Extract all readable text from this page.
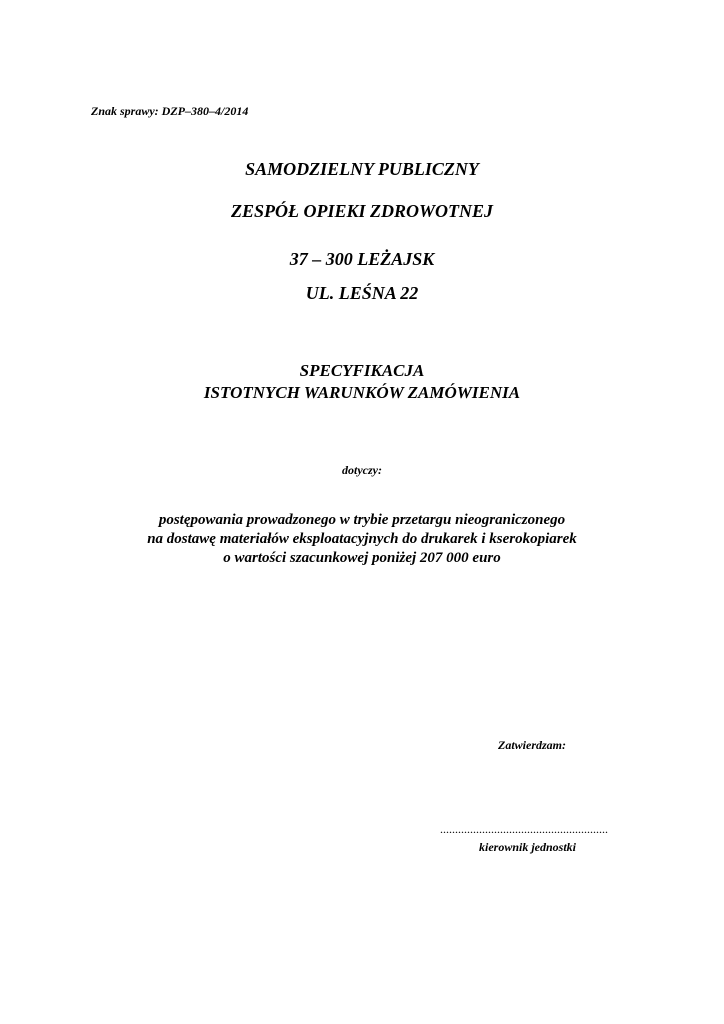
Znak sprawy: DZP–380–4/2014
SAMODZIELNY PUBLICZNY
ZESPÓŁ OPIEKI ZDROWOTNEJ
37 – 300 LEŻAJSK
UL. LEŚNA 22
SPECYFIKACJA
ISTOTNYCH WARUNKÓW ZAMÓWIENIA
dotyczy:
postępowania prowadzonego w trybie przetargu nieograniczonego
na dostawę materiałów eksploatacyjnych do drukarek i kserokopiarek
o wartości szacunkowej poniżej 207 000 euro
Zatwierdzam:
........................................................
kierownik jednostki
